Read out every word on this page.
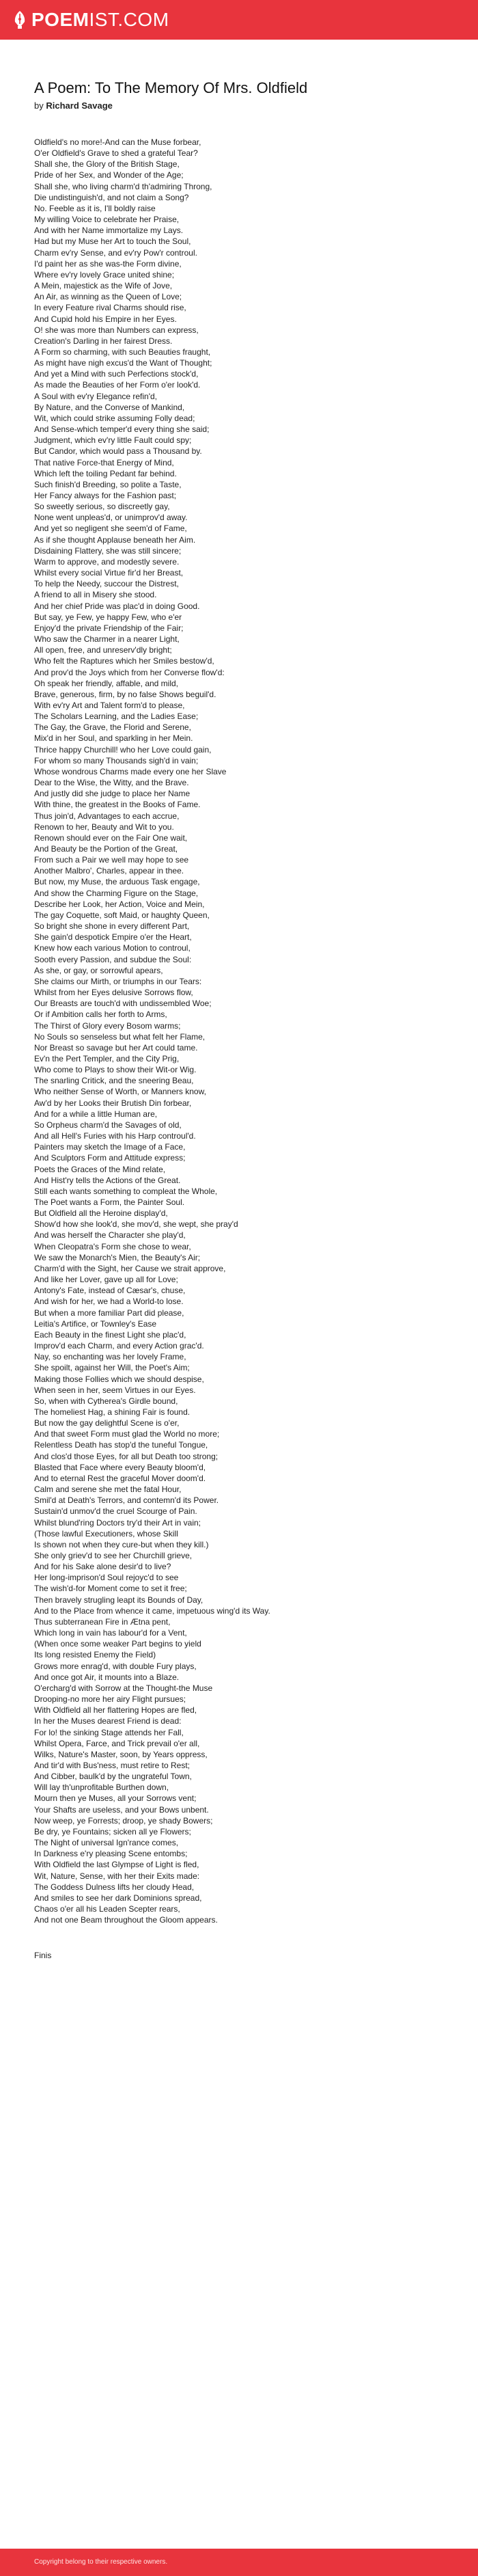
POEMIST.COM
A Poem: To The Memory Of Mrs. Oldfield
by Richard Savage
Oldfield's no more!-And can the Muse forbear,
O'er Oldfield's Grave to shed a grateful Tear?
Shall she, the Glory of the British Stage,
Pride of her Sex, and Wonder of the Age;
Shall she, who living charm'd th'admiring Throng,
Die undistinguish'd, and not claim a Song?
No. Feeble as it is, I'll boldly raise
My willing Voice to celebrate her Praise,
And with her Name immortalize my Lays.
Had but my Muse her Art to touch the Soul,
Charm ev'ry Sense, and ev'ry Pow'r controul.
I'd paint her as she was-the Form divine,
Where ev'ry lovely Grace united shine;
A Mein, majestick as the Wife of Jove,
An Air, as winning as the Queen of Love;
In every Feature rival Charms should rise,
And Cupid hold his Empire in her Eyes.
O! she was more than Numbers can express,
Creation's Darling in her fairest Dress.
A Form so charming, with such Beauties fraught,
As might have nigh excus'd the Want of Thought;
And yet a Mind with such Perfections stock'd,
As made the Beauties of her Form o'er look'd.
A Soul with ev'ry Elegance refin'd,
By Nature, and the Converse of Mankind,
Wit, which could strike assuming Folly dead;
And Sense-which temper'd every thing she said;
Judgment, which ev'ry little Fault could spy;
But Candor, which would pass a Thousand by.
That native Force-that Energy of Mind,
Which left the toiling Pedant far behind.
Such finish'd Breeding, so polite a Taste,
Her Fancy always for the Fashion past;
So sweetly serious, so discreetly gay,
None went unpleas'd, or unimprov'd away.
And yet so negligent she seem'd of Fame,
As if she thought Applause beneath her Aim.
Disdaining Flattery, she was still sincere;
Warm to approve, and modestly severe.
Whilst every social Virtue fir'd her Breast,
To help the Needy, succour the Distrest,
A friend to all in Misery she stood.
And her chief Pride was plac'd in doing Good.
But say, ye Few, ye happy Few, who e'er
Enjoy'd the private Friendship of the Fair;
Who saw the Charmer in a nearer Light,
All open, free, and unreserv'dly bright;
Who felt the Raptures which her Smiles bestow'd,
And prov'd the Joys which from her Converse flow'd:
Oh speak her friendly, affable, and mild,
Brave, generous, firm, by no false Shows beguil'd.
With ev'ry Art and Talent form'd to please,
The Scholars Learning, and the Ladies Ease;
The Gay, the Grave, the Florid and Serene,
Mix'd in her Soul, and sparkling in her Mein.
Thrice happy Churchill! who her Love could gain,
For whom so many Thousands sigh'd in vain;
Whose wondrous Charms made every one her Slave
Dear to the Wise, the Witty, and the Brave.
And justly did she judge to place her Name
With thine, the greatest in the Books of Fame.
Thus join'd, Advantages to each accrue,
Renown to her, Beauty and Wit to you.
Renown should ever on the Fair One wait,
And Beauty be the Portion of the Great,
From such a Pair we well may hope to see
Another Malbro', Charles, appear in thee.
But now, my Muse, the arduous Task engage,
And show the Charming Figure on the Stage,
Describe her Look, her Action, Voice and Mein,
The gay Coquette, soft Maid, or haughty Queen,
So bright she shone in every different Part,
She gain'd despotick Empire o'er the Heart,
Knew how each various Motion to controul,
Sooth every Passion, and subdue the Soul:
As she, or gay, or sorrowful apears,
She claims our Mirth, or triumphs in our Tears:
Whilst from her Eyes delusive Sorrows flow,
Our Breasts are touch'd with undissembled Woe;
Or if Ambition calls her forth to Arms,
The Thirst of Glory every Bosom warms;
No Souls so senseless but what felt her Flame,
Nor Breast so savage but her Art could tame.
Ev'n the Pert Templer, and the City Prig,
Who come to Plays to show their Wit-or Wig.
The snarling Critick, and the sneering Beau,
Who neither Sense of Worth, or Manners know,
Aw'd by her Looks their Brutish Din forbear,
And for a while a little Human are,
So Orpheus charm'd the Savages of old,
And all Hell's Furies with his Harp controul'd.
Painters may sketch the Image of a Face,
And Sculptors Form and Attitude express;
Poets the Graces of the Mind relate,
And Hist'ry tells the Actions of the Great.
Still each wants something to compleat the Whole,
The Poet wants a Form, the Painter Soul.
But Oldfield all the Heroine display'd,
Show'd how she look'd, she mov'd, she wept, she pray'd
And was herself the Character she play'd,
When Cleopatra's Form she chose to wear,
We saw the Monarch's Mien, the Beauty's Air;
Charm'd with the Sight, her Cause we strait approve,
And like her Lover, gave up all for Love;
Antony's Fate, instead of Cæsar's, chuse,
And wish for her, we had a World-to lose.
But when a more familiar Part did please,
Leitia's Artifice, or Townley's Ease
Each Beauty in the finest Light she plac'd,
Improv'd each Charm, and every Action grac'd.
Nay, so enchanting was her lovely Frame,
She spoilt, against her Will, the Poet's Aim;
Making those Follies which we should despise,
When seen in her, seem Virtues in our Eyes.
So, when with Cytherea's Girdle bound,
The homeliest Hag, a shining Fair is found.
But now the gay delightful Scene is o'er,
And that sweet Form must glad the World no more;
Relentless Death has stop'd the tuneful Tongue,
And clos'd those Eyes, for all but Death too strong;
Blasted that Face where every Beauty bloom'd,
And to eternal Rest the graceful Mover doom'd.
Calm and serene she met the fatal Hour,
Smil'd at Death's Terrors, and contemn'd its Power.
Sustain'd unmov'd the cruel Scourge of Pain.
Whilst blund'ring Doctors try'd their Art in vain;
(Those lawful Executioners, whose Skill
Is shown not when they cure-but when they kill.)
She only griev'd to see her Churchill grieve,
And for his Sake alone desir'd to live?
Her long-imprison'd Soul rejoyc'd to see
The wish'd-for Moment come to set it free;
Then bravely strugling leapt its Bounds of Day,
And to the Place from whence it came, impetuous wing'd its Way.
Thus subterranean Fire in Ætna pent,
Which long in vain has labour'd for a Vent,
(When once some weaker Part begins to yield
Its long resisted Enemy the Field)
Grows more enrag'd, with double Fury plays,
And once got Air, it mounts into a Blaze.
O'ercharg'd with Sorrow at the Thought-the Muse
Drooping-no more her airy Flight pursues;
With Oldfield all her flattering Hopes are fled,
In her the Muses dearest Friend is dead:
For lo! the sinking Stage attends her Fall,
Whilst Opera, Farce, and Trick prevail o'er all,
Wilks, Nature's Master, soon, by Years oppress,
And tir'd with Bus'ness, must retire to Rest;
And Cibber, baulk'd by the ungrateful Town,
Will lay th'unprofitable Burthen down,
Mourn then ye Muses, all your Sorrows vent;
Your Shafts are useless, and your Bows unbent.
Now weep, ye Forrests; droop, ye shady Bowers;
Be dry, ye Fountains; sicken all ye Flowers;
The Night of universal Ign'rance comes,
In Darkness e'ry pleasing Scene entombs;
With Oldfield the last Glympse of Light is fled,
Wit, Nature, Sense, with her their Exits made:
The Goddess Dulness lifts her cloudy Head,
And smiles to see her dark Dominions spread,
Chaos o'er all his Leaden Scepter rears,
And not one Beam throughout the Gloom appears.
Finis
Copyright belong to their respective owners.
